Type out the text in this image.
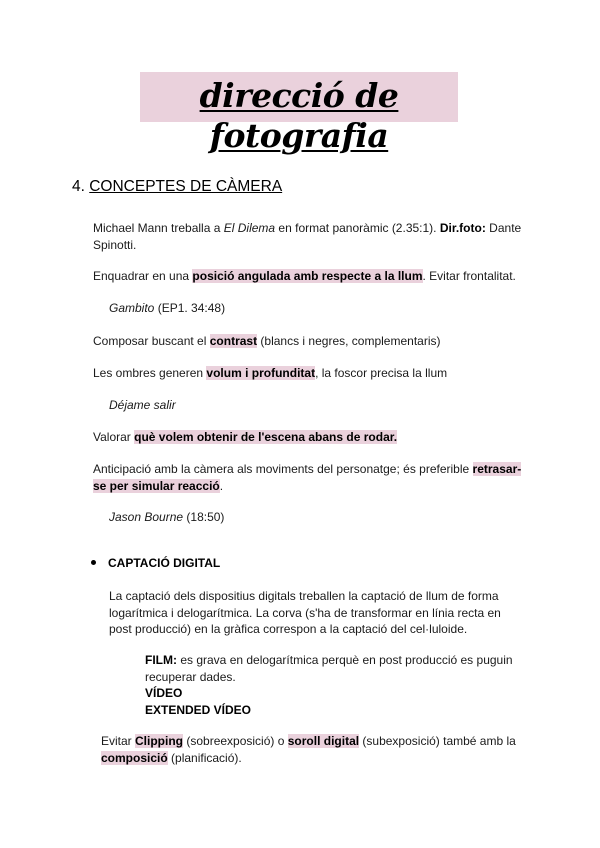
direcció de fotografia
4. CONCEPTES DE CÀMERA
Michael Mann treballa a El Dilema en format panoràmic (2.35:1). Dir.foto: Dante
Spinotti.
Enquadrar en una posició angulada amb respecte a la llum. Evitar frontalitat.
Gambito (EP1. 34:48)
Composar buscant el contrast (blancs i negres, complementaris)
Les ombres generen volum i profunditat, la foscor precisa la llum
Déjame salir
Valorar què volem obtenir de l'escena abans de rodar.
Anticipació amb la càmera als moviments del personatge; és preferible retrasar-
se per simular reacció.
Jason Bourne (18:50)
CAPTACIÓ DIGITAL
La captació dels dispositius digitals treballen la captació de llum de forma
logarítmica i delogarítmica. La corva (s'ha de transformar en línia recta en
post producció) en la gràfica correspon a la captació del cel·luloide.
FILM: es grava en delogarítmica perquè en post producció es puguin
recuperar dades.
VÍDEO
EXTENDED VÍDEO
Evitar Clipping (sobreexposició) o soroll digital (subexposició) també amb la
composició (planificació).
